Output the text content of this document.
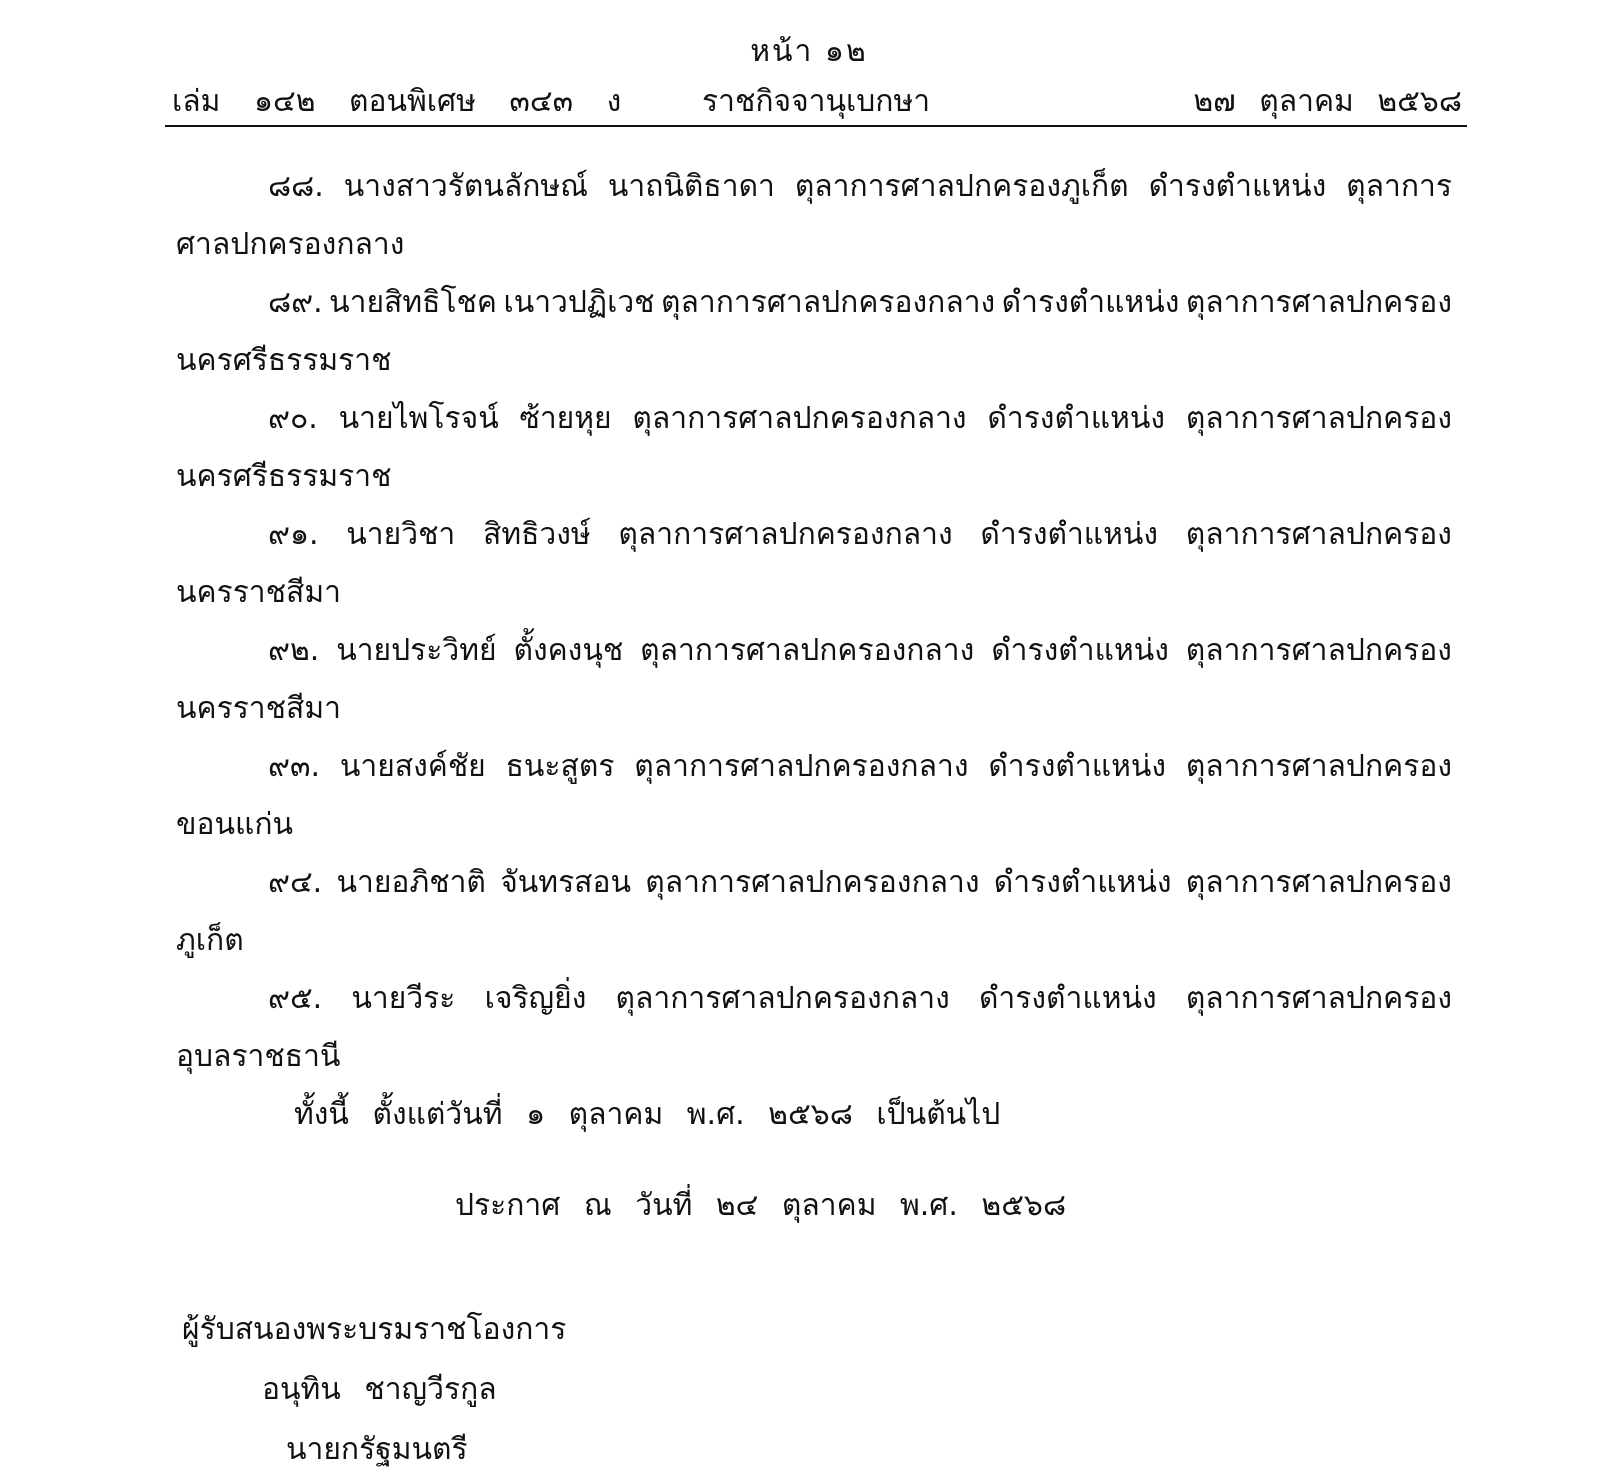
หน้า ๑๒
เล่ม ๑๔๒ ตอนพิเศษ ๓๔๓ ง	ราชกิจจานุเบกษา	๒๗ ตุลาคม ๒๕๖๘
๘๘. นางสาวรัตนลักษณ์ นาถนิติธาดา ตุลาการศาลปกครองภูเก็ต ดำรงตำแหน่ง ตุลาการ
ศาลปกครองกลาง
๘๙. นายสิทธิโชค เนาวปฏิเวช ตุลาการศาลปกครองกลาง ดำรงตำแหน่ง ตุลาการศาลปกครอง
นครศรีธรรมราช
๙๐. นายไพโรจน์ ซ้ายหุย ตุลาการศาลปกครองกลาง ดำรงตำแหน่ง ตุลาการศาลปกครอง
นครศรีธรรมราช
๙๑. นายวิชา สิทธิวงษ์ ตุลาการศาลปกครองกลาง ดำรงตำแหน่ง ตุลาการศาลปกครอง
นครราชสีมา
๙๒. นายประวิทย์ ตั้งคงนุช ตุลาการศาลปกครองกลาง ดำรงตำแหน่ง ตุลาการศาลปกครอง
นครราชสีมา
๙๓. นายสงค์ชัย ธนะสูตร ตุลาการศาลปกครองกลาง ดำรงตำแหน่ง ตุลาการศาลปกครอง
ขอนแก่น
๙๔. นายอภิชาติ จันทรสอน ตุลาการศาลปกครองกลาง ดำรงตำแหน่ง ตุลาการศาลปกครอง
ภูเก็ต
๙๕. นายวีระ เจริญยิ่ง ตุลาการศาลปกครองกลาง ดำรงตำแหน่ง ตุลาการศาลปกครอง
อุบลราชธานี
ทั้งนี้ ตั้งแต่วันที่ ๑ ตุลาคม พ.ศ. ๒๕๖๘ เป็นต้นไป
ประกาศ ณ วันที่ ๒๔ ตุลาคม พ.ศ. ๒๕๖๘
ผู้รับสนองพระบรมราชโองการ
อนุทิน ชาญวีรกูล
นายกรัฐมนตรี
